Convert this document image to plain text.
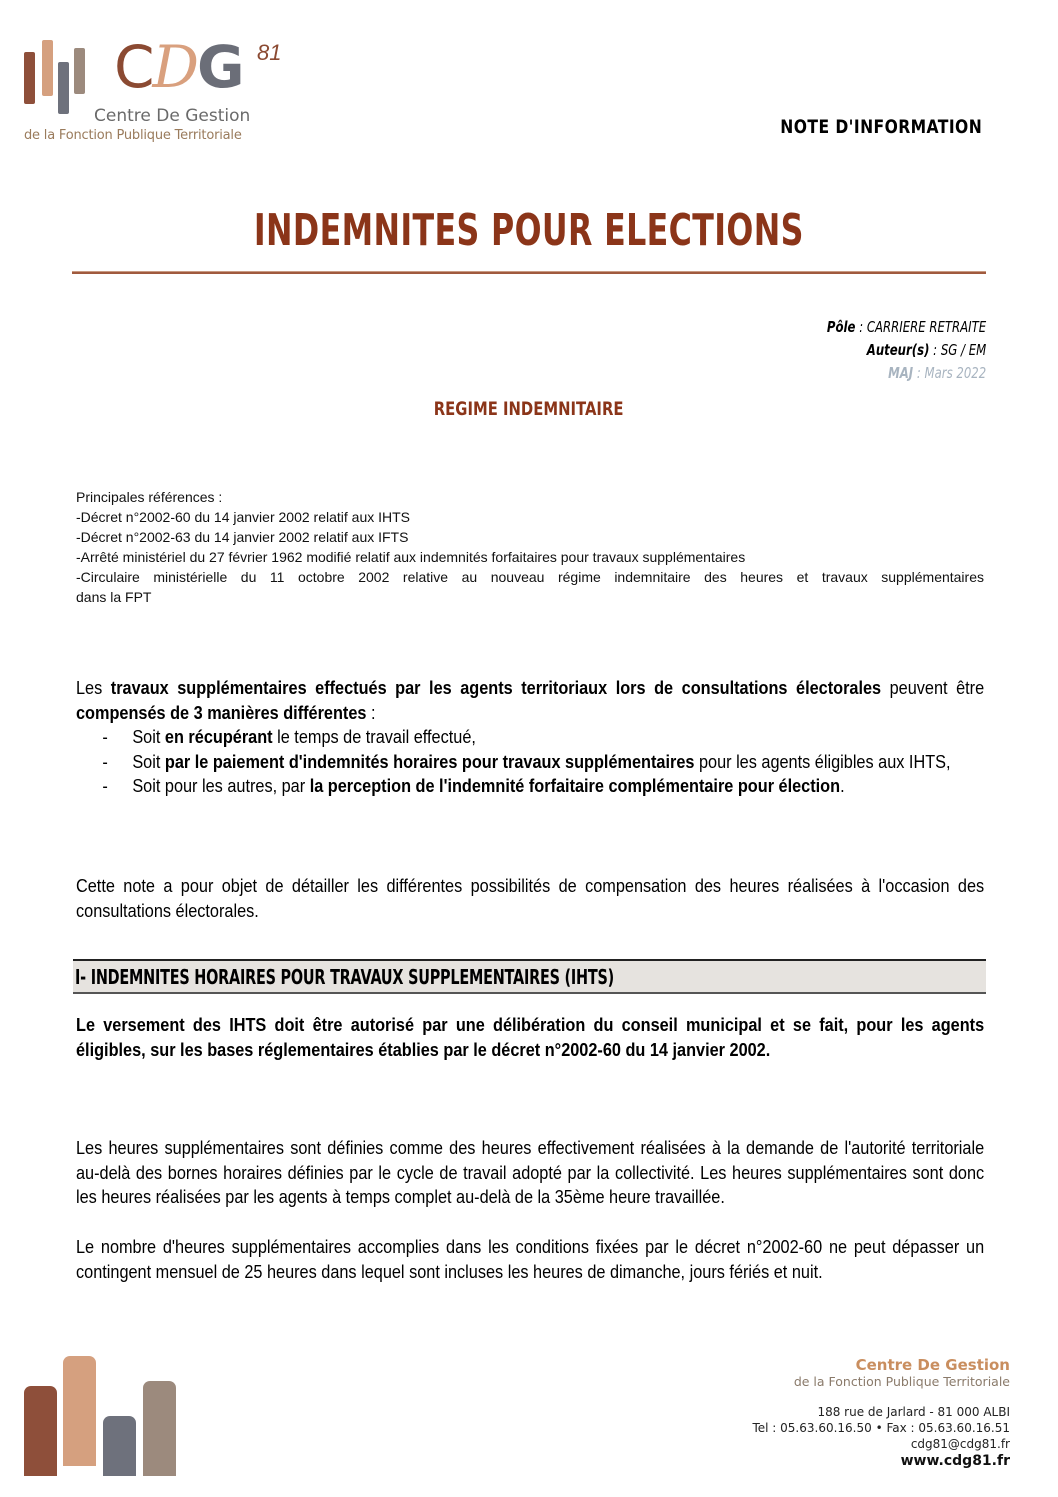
CDG 81
Centre De Gestion
de la Fonction Publique Territoriale	NOTE D'INFORMATION
INDEMNITES POUR ELECTIONS
Pôle : CARRIERE RETRAITE
Auteur(s) : SG / EM
MAJ : Mars 2022
REGIME INDEMNITAIRE
Principales références :
-Décret n°2002-60 du 14 janvier 2002 relatif aux IHTS
-Décret n°2002-63 du 14 janvier 2002 relatif aux IFTS
-Arrêté ministériel du 27 février 1962 modifié relatif aux indemnités forfaitaires pour travaux supplémentaires
-Circulaire ministérielle du 11 octobre 2002 relative au nouveau régime indemnitaire des heures et travaux supplémentaires
dans la FPT

Les travaux supplémentaires effectués par les agents territoriaux lors de consultations électorales peuvent être compensés de 3 manières différentes :

-	Soit en récupérant le temps de travail effectué,
-	Soit par le paiement d'indemnités horaires pour travaux supplémentaires pour les agents éligibles aux IHTS,
-	Soit pour les autres, par la perception de l'indemnité forfaitaire complémentaire pour élection.

Cette note a pour objet de détailler les différentes possibilités de compensation des heures réalisées à l'occasion des consultations électorales.

I- INDEMNITES HORAIRES POUR TRAVAUX SUPPLEMENTAIRES (IHTS)

Le versement des IHTS doit être autorisé par une délibération du conseil municipal et se fait, pour les agents éligibles, sur les bases réglementaires établies par le décret n°2002-60 du 14 janvier 2002.

Les heures supplémentaires sont définies comme des heures effectivement réalisées à la demande de l'autorité territoriale au-delà des bornes horaires définies par le cycle de travail adopté par la collectivité. Les heures supplémentaires sont donc les heures réalisées par les agents à temps complet au-delà de la 35ème heure travaillée.

Le nombre d'heures supplémentaires accomplies dans les conditions fixées par le décret n°2002-60 ne peut dépasser un contingent mensuel de 25 heures dans lequel sont incluses les heures de dimanche, jours fériés et nuit.

Centre De Gestion
de la Fonction Publique Territoriale
188 rue de Jarlard - 81 000 ALBI
Tel : 05.63.60.16.50 • Fax : 05.63.60.16.51
cdg81@cdg81.fr
www.cdg81.fr
